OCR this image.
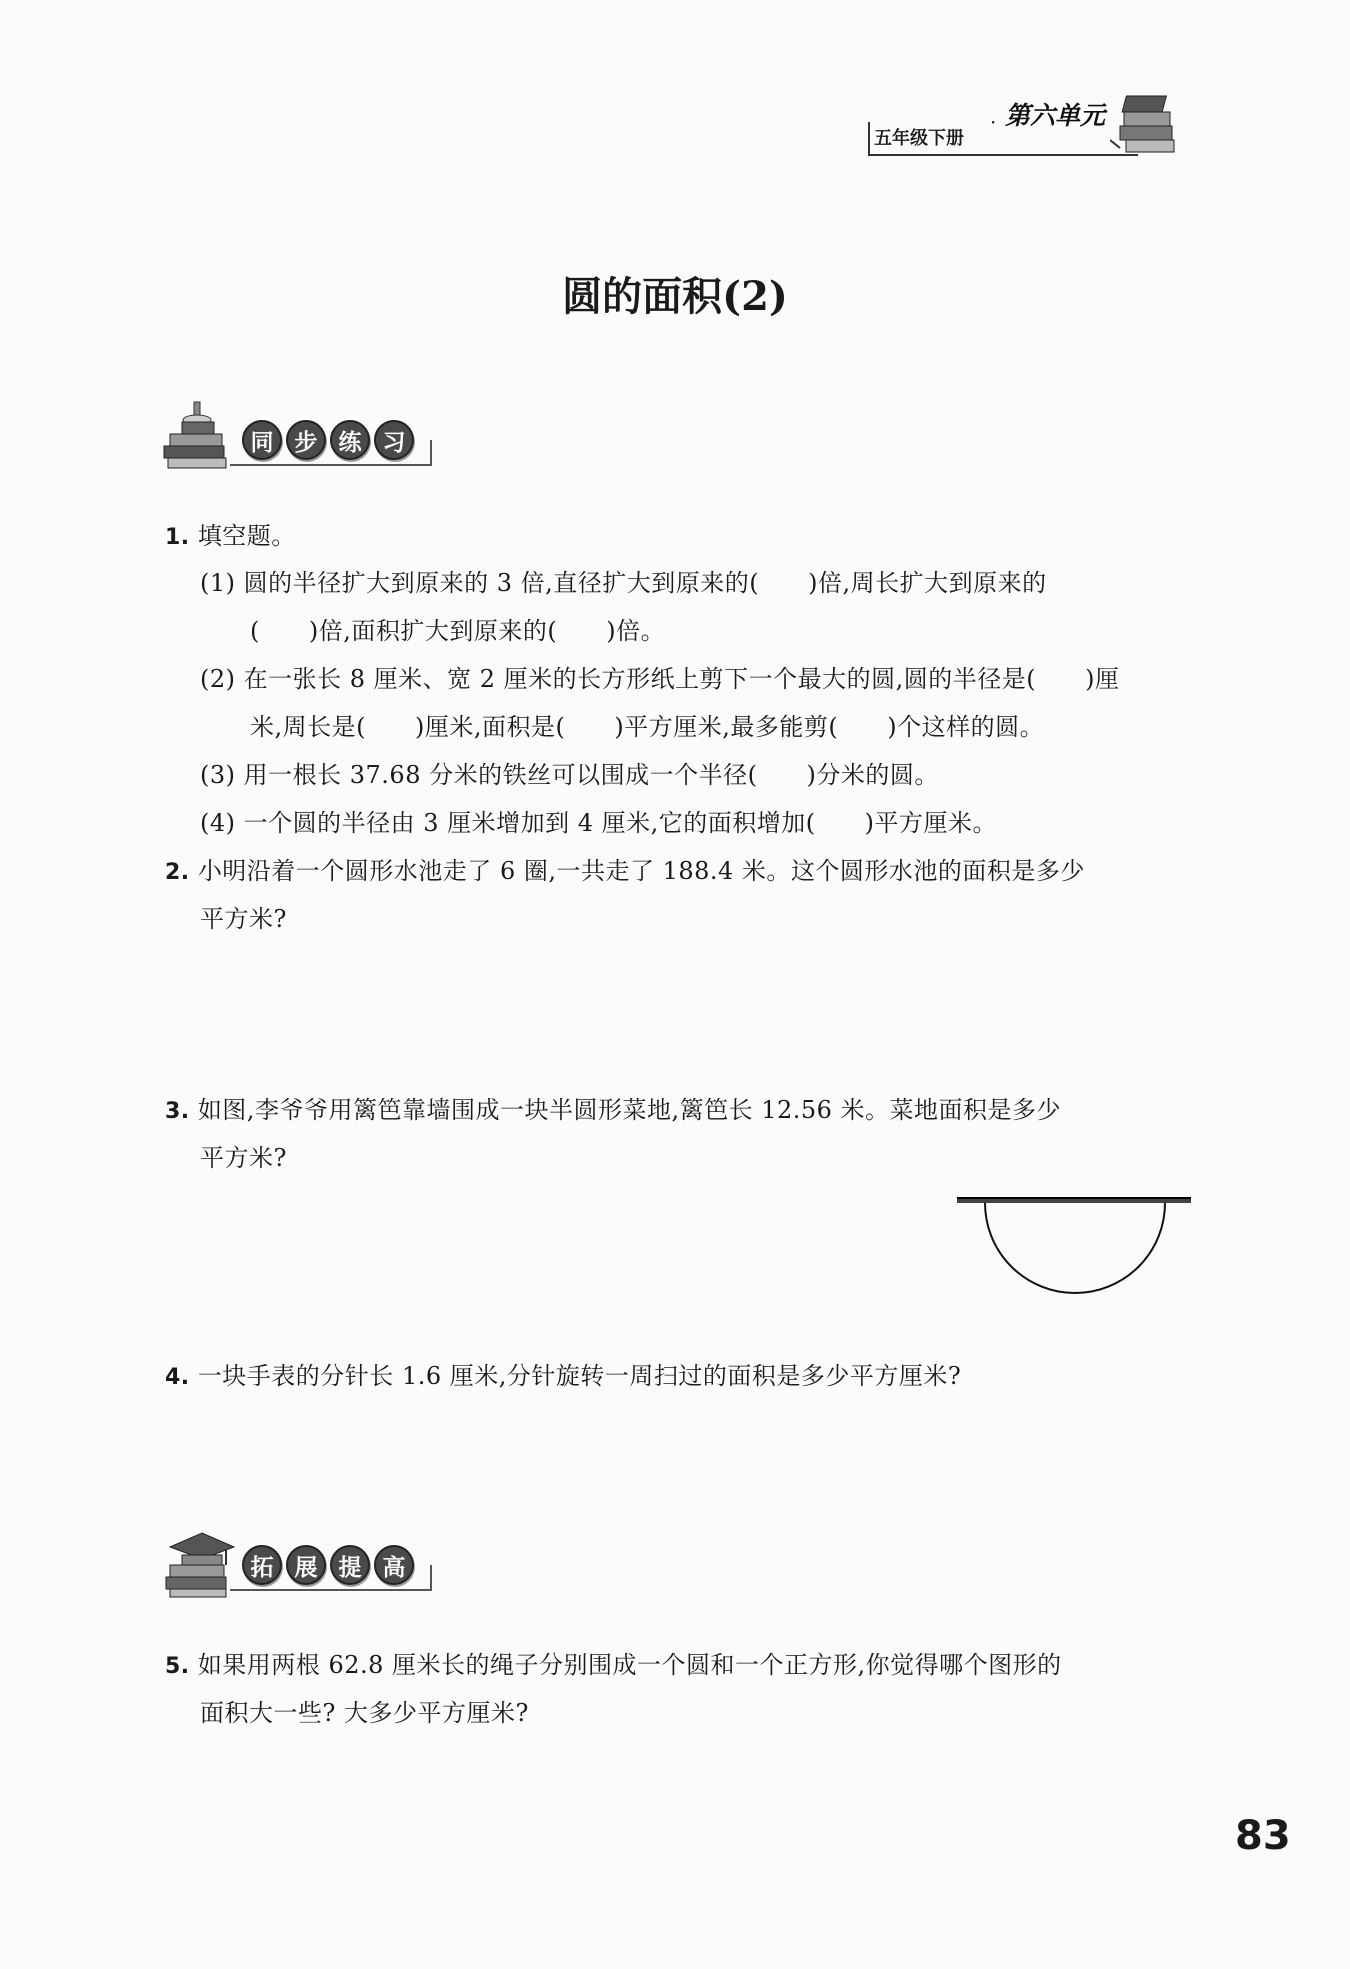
五年级下册
· 第六单元
圆的面积(2)
同 步 练 习
1. 填空题。
(1) 圆的半径扩大到原来的 3 倍,直径扩大到原来的(　　)倍,周长扩大到原来的
(　　)倍,面积扩大到原来的(　　)倍。
(2) 在一张长 8 厘米、宽 2 厘米的长方形纸上剪下一个最大的圆,圆的半径是(　　)厘
米,周长是(　　)厘米,面积是(　　)平方厘米,最多能剪(　　)个这样的圆。
(3) 用一根长 37.68 分米的铁丝可以围成一个半径(　　)分米的圆。
(4) 一个圆的半径由 3 厘米增加到 4 厘米,它的面积增加(　　)平方厘米。
2. 小明沿着一个圆形水池走了 6 圈,一共走了 188.4 米。这个圆形水池的面积是多少
平方米?
3. 如图,李爷爷用篱笆靠墙围成一块半圆形菜地,篱笆长 12.56 米。菜地面积是多少
平方米?
4. 一块手表的分针长 1.6 厘米,分针旋转一周扫过的面积是多少平方厘米?
拓 展 提 高
5. 如果用两根 62.8 厘米长的绳子分别围成一个圆和一个正方形,你觉得哪个图形的
面积大一些? 大多少平方厘米?
83
